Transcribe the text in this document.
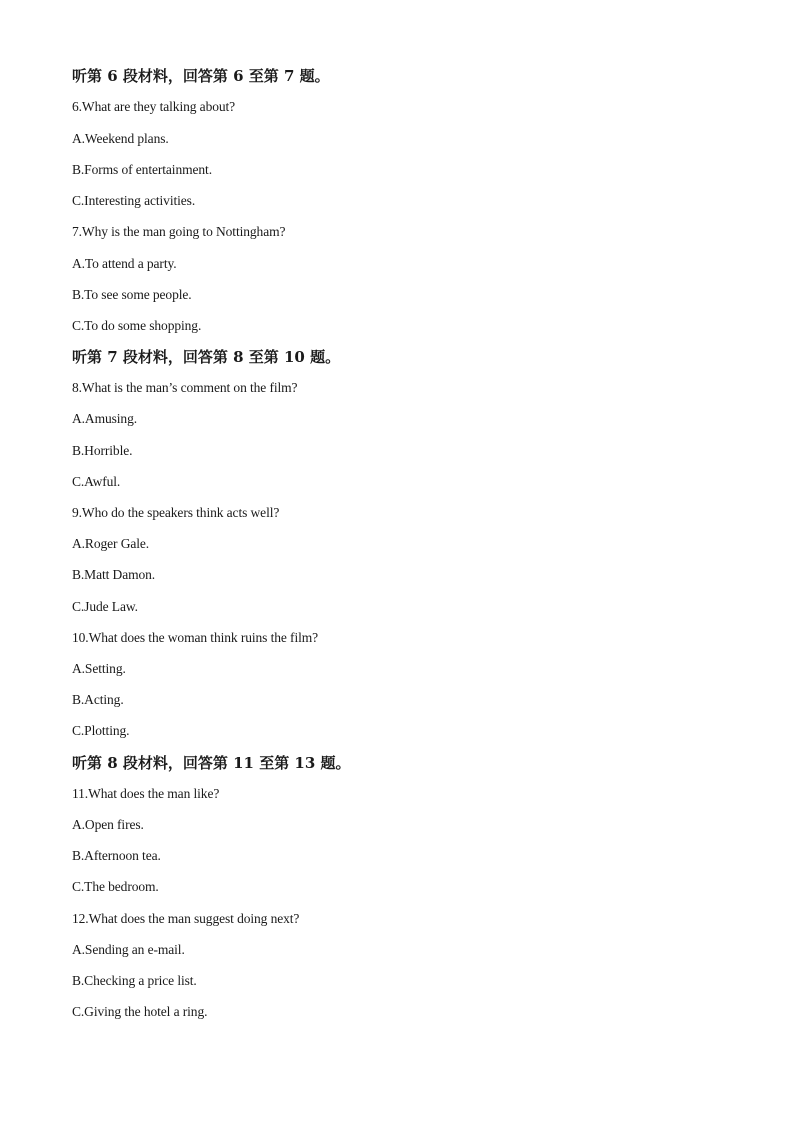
听第 6 段材料，回答第 6 至第 7 题。
6.What are they talking about?
A.Weekend plans.
B.Forms of entertainment.
C.Interesting activities.
7.Why is the man going to Nottingham?
A.To attend a party.
B.To see some people.
C.To do some shopping.
听第 7 段材料，回答第 8 至第 10 题。
8.What is the man’s comment on the film?
A.Amusing.
B.Horrible.
C.Awful.
9.Who do the speakers think acts well?
A.Roger Gale.
B.Matt Damon.
C.Jude Law.
10.What does the woman think ruins the film?
A.Setting.
B.Acting.
C.Plotting.
听第 8 段材料，回答第 11 至第 13 题。
11.What does the man like?
A.Open fires.
B.Afternoon tea.
C.The bedroom.
12.What does the man suggest doing next?
A.Sending an e-mail.
B.Checking a price list.
C.Giving the hotel a ring.
